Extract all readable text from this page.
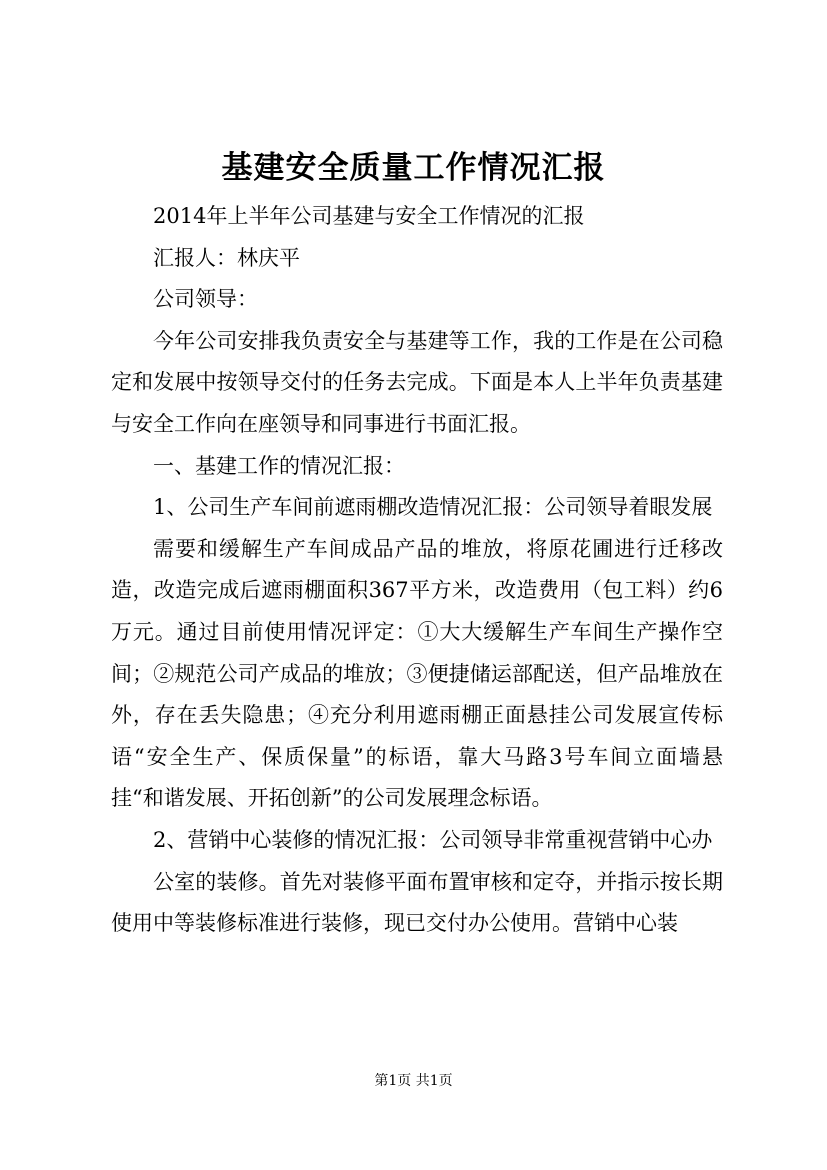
基建安全质量工作情况汇报

2014年上半年公司基建与安全工作情况的汇报

汇报人：林庆平

公司领导：

今年公司安排我负责安全与基建等工作，我的工作是在公司稳定和发展中按领导交付的任务去完成。下面是本人上半年负责基建与安全工作向在座领导和同事进行书面汇报。

一、基建工作的情况汇报：

1、公司生产车间前遮雨棚改造情况汇报：公司领导着眼发展

需要和缓解生产车间成品产品的堆放，将原花圃进行迁移改造，改造完成后遮雨棚面积367平方米，改造费用（包工料）约6万元。通过目前使用情况评定：①大大缓解生产车间生产操作空间；②规范公司产成品的堆放；③便捷储运部配送，但产品堆放在外，存在丢失隐患；④充分利用遮雨棚正面悬挂公司发展宣传标语“安全生产、保质保量”的标语，靠大马路3号车间立面墙悬挂“和谐发展、开拓创新”的公司发展理念标语。

2、营销中心装修的情况汇报：公司领导非常重视营销中心办

公室的装修。首先对装修平面布置审核和定夺，并指示按长期使用中等装修标准进行装修，现已交付办公使用。营销中心装

第1页 共1页
